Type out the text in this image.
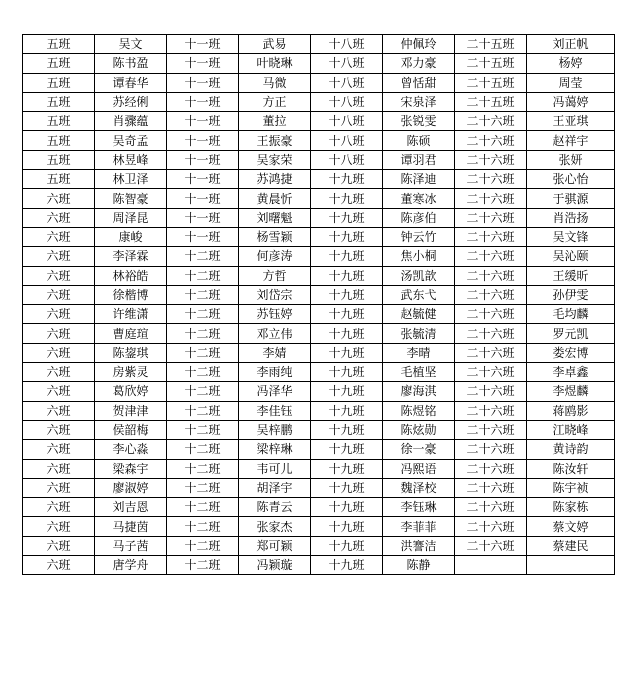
五班	吴文	十一班	武易	十八班	仲佩玲	二十五班	刘正帆
五班	陈书盈	十一班	叶晓琳	十八班	邓力豪	二十五班	杨婷
五班	谭春华	十一班	马微	十八班	曾恬甜	二十五班	周莹
五班	苏经俐	十一班	方正	十八班	宋泉泽	二十五班	冯蔼婷
五班	肖骤蕴	十一班	董拉	十八班	张锐雯	二十六班	王亚琪
五班	吴奇孟	十一班	王振豪	十八班	陈硕	二十六班	赵祥宇
五班	林昱峰	十一班	吴家荣	十八班	谭羽君	二十六班	张妍
五班	林卫泽	十一班	苏鸿捷	十九班	陈泽迪	二十六班	张心怡
六班	陈智豪	十一班	黄晨忻	十九班	董寒冰	二十六班	于骐源
六班	周泽昆	十一班	刘曙魁	十九班	陈彦伯	二十六班	肖浩扬
六班	康峻	十一班	杨雪颖	十九班	钟云竹	二十六班	吴文锋
六班	李泽霖	十二班	何彦涛	十九班	焦小桐	二十六班	吴沁颐
六班	林裕皓	十二班	方哲	十九班	汤凯歆	二十六班	王缓昕
六班	徐楷博	十二班	刘岱宗	十九班	武东弋	二十六班	孙伊雯
六班	许维潇	十二班	苏钰婷	十九班	赵毓健	二十六班	毛均麟
六班	曹庭瑄	十二班	邓立伟	十九班	张毓清	二十六班	罗元凯
六班	陈鋆琪	十二班	李婧	十九班	李晴	二十六班	娄宏博
六班	房紫灵	十二班	李雨纯	十九班	毛植坚	二十六班	李卓鑫
六班	葛欣婷	十二班	冯泽华	十九班	廖海淇	二十六班	李煜麟
六班	贺津津	十二班	李佳钰	十九班	陈煜铭	二十六班	蒋鸥影
六班	侯韶梅	十二班	吴梓鹏	十九班	陈炫勋	二十六班	江晓峰
六班	李心淼	十二班	梁梓琳	十九班	徐一豪	二十六班	黄诗韵
六班	梁森宇	十二班	韦可儿	十九班	冯熙语	二十六班	陈汝轩
六班	廖淑婷	十二班	胡泽宇	十九班	魏泽校	二十六班	陈宇祯
六班	刘吉恩	十二班	陈青云	十九班	李钰琳	二十六班	陈家栋
六班	马捷茵	十二班	张家杰	十九班	李菲菲	二十六班	蔡文婷
六班	马子茜	十二班	郑可颖	十九班	洪謇洁	二十六班	蔡建民
六班	唐学舟	十二班	冯颖璇	十九班	陈静		
